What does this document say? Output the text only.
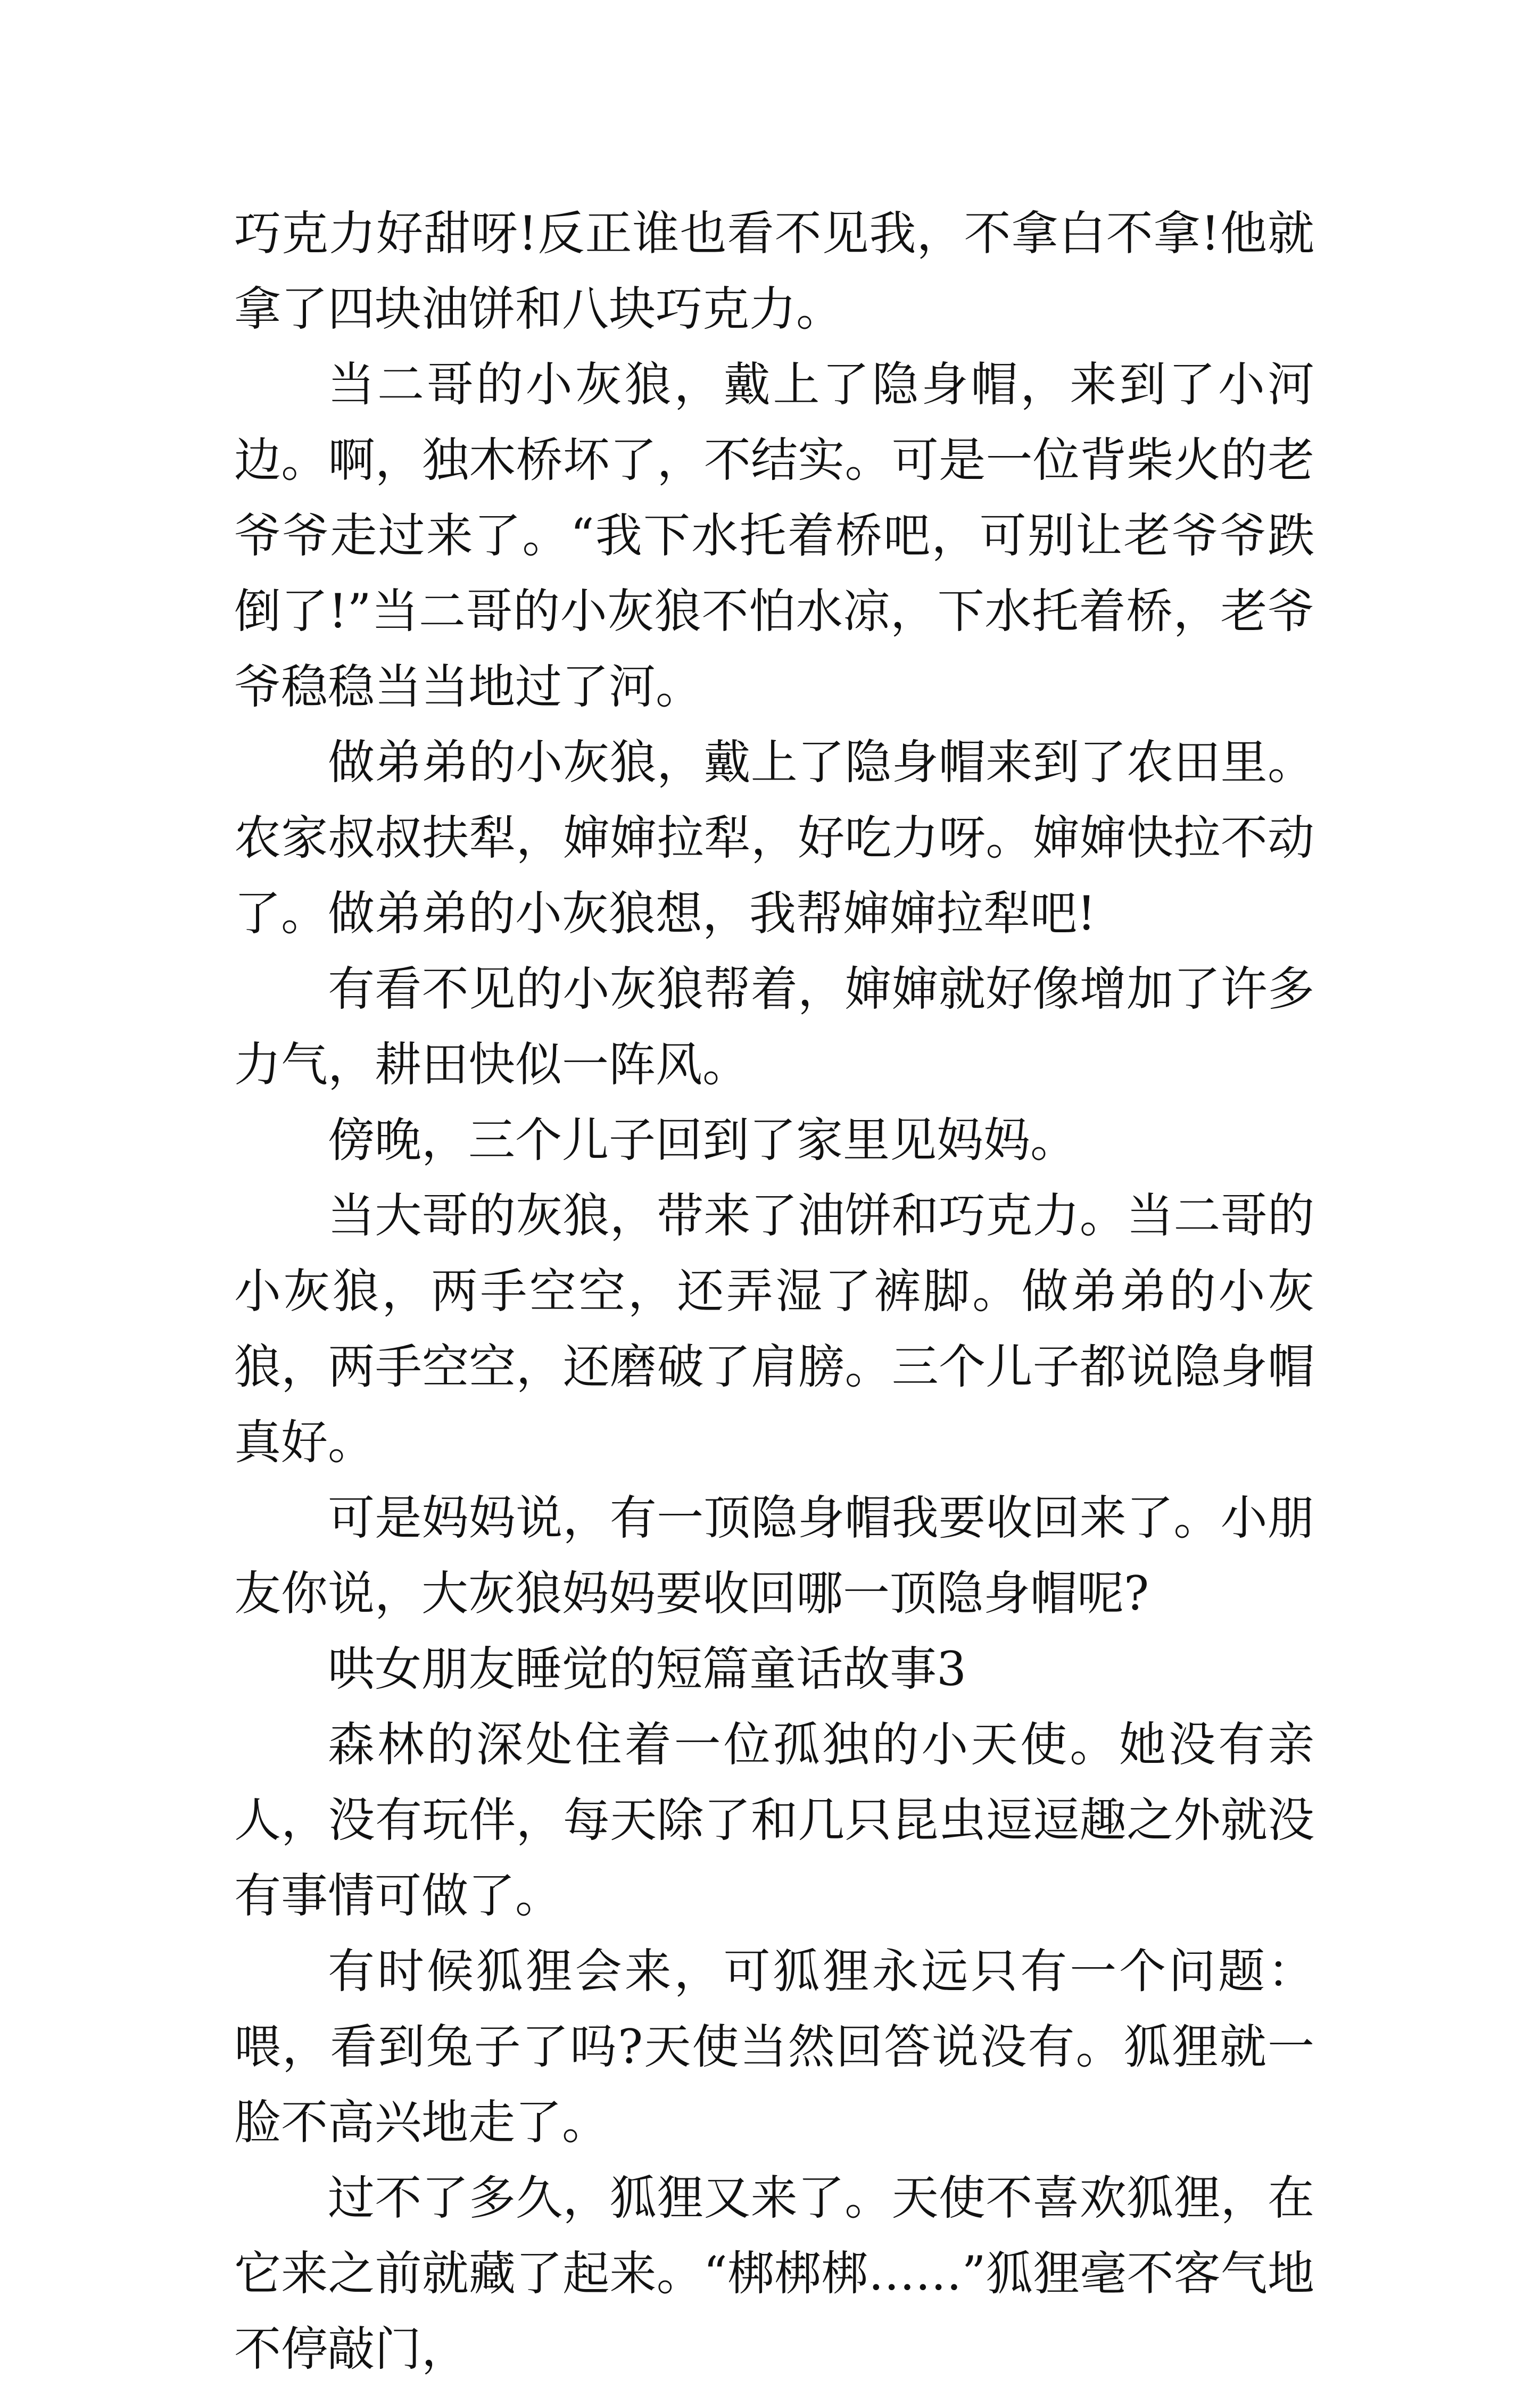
巧克力好甜呀!反正谁也看不见我，不拿白不拿!他就拿了四块油饼和八块巧克力。

当二哥的小灰狼，戴上了隐身帽，来到了小河边。啊，独木桥坏了，不结实。可是一位背柴火的老爷爷走过来了。“我下水托着桥吧，可别让老爷爷跌倒了!”当二哥的小灰狼不怕水凉，下水托着桥，老爷爷稳稳当当地过了河。

做弟弟的小灰狼，戴上了隐身帽来到了农田里。农家叔叔扶犁，婶婶拉犁，好吃力呀。婶婶快拉不动了。做弟弟的小灰狼想，我帮婶婶拉犁吧!

有看不见的小灰狼帮着，婶婶就好像增加了许多力气，耕田快似一阵风。

傍晚，三个儿子回到了家里见妈妈。

当大哥的灰狼，带来了油饼和巧克力。当二哥的小灰狼，两手空空，还弄湿了裤脚。做弟弟的小灰狼，两手空空，还磨破了肩膀。三个儿子都说隐身帽真好。

可是妈妈说，有一顶隐身帽我要收回来了。小朋友你说，大灰狼妈妈要收回哪一顶隐身帽呢?

哄女朋友睡觉的短篇童话故事3

森林的深处住着一位孤独的小天使。她没有亲人，没有玩伴，每天除了和几只昆虫逗逗趣之外就没有事情可做了。

有时候狐狸会来，可狐狸永远只有一个问题：喂，看到兔子了吗?天使当然回答说没有。狐狸就一脸不高兴地走了。

过不了多久，狐狸又来了。天使不喜欢狐狸，在它来之前就藏了起来。“梆梆梆……”狐狸毫不客气地不停敲门，
